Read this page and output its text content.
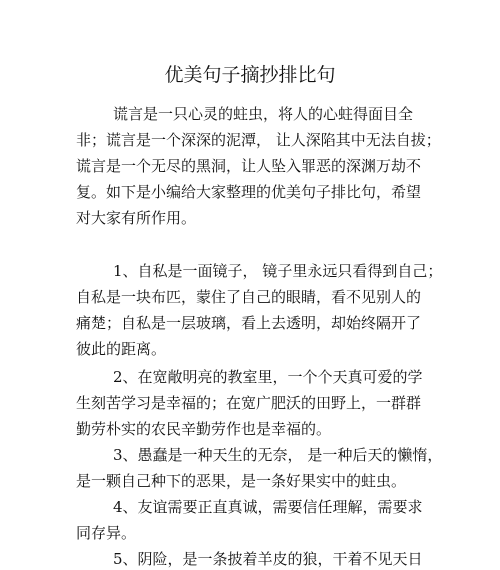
优美句子摘抄排比句
谎言是一只心灵的蛀虫，将人的心蛀得面目全
非；谎言是一个深深的泥潭， 让人深陷其中无法自拔；
谎言是一个无尽的黑洞，让人坠入罪恶的深渊万劫不
复。如下是小编给大家整理的优美句子排比句，希望
对大家有所作用。
1、自私是一面镜子， 镜子里永远只看得到自己；
自私是一块布匹，蒙住了自己的眼睛，看不见别人的
痛楚；自私是一层玻璃，看上去透明，却始终隔开了
彼此的距离。
2、在宽敞明亮的教室里，一个个天真可爱的学
生刻苦学习是幸福的；在宽广肥沃的田野上，一群群
勤劳朴实的农民辛勤劳作也是幸福的。
3、愚蠢是一种天生的无奈， 是一种后天的懒惰，
是一颗自己种下的恶果，是一条好果实中的蛀虫。
4、友谊需要正直真诚，需要信任理解，需要求
同存异。
5、阴险，是一条披着羊皮的狼，干着不见天日
